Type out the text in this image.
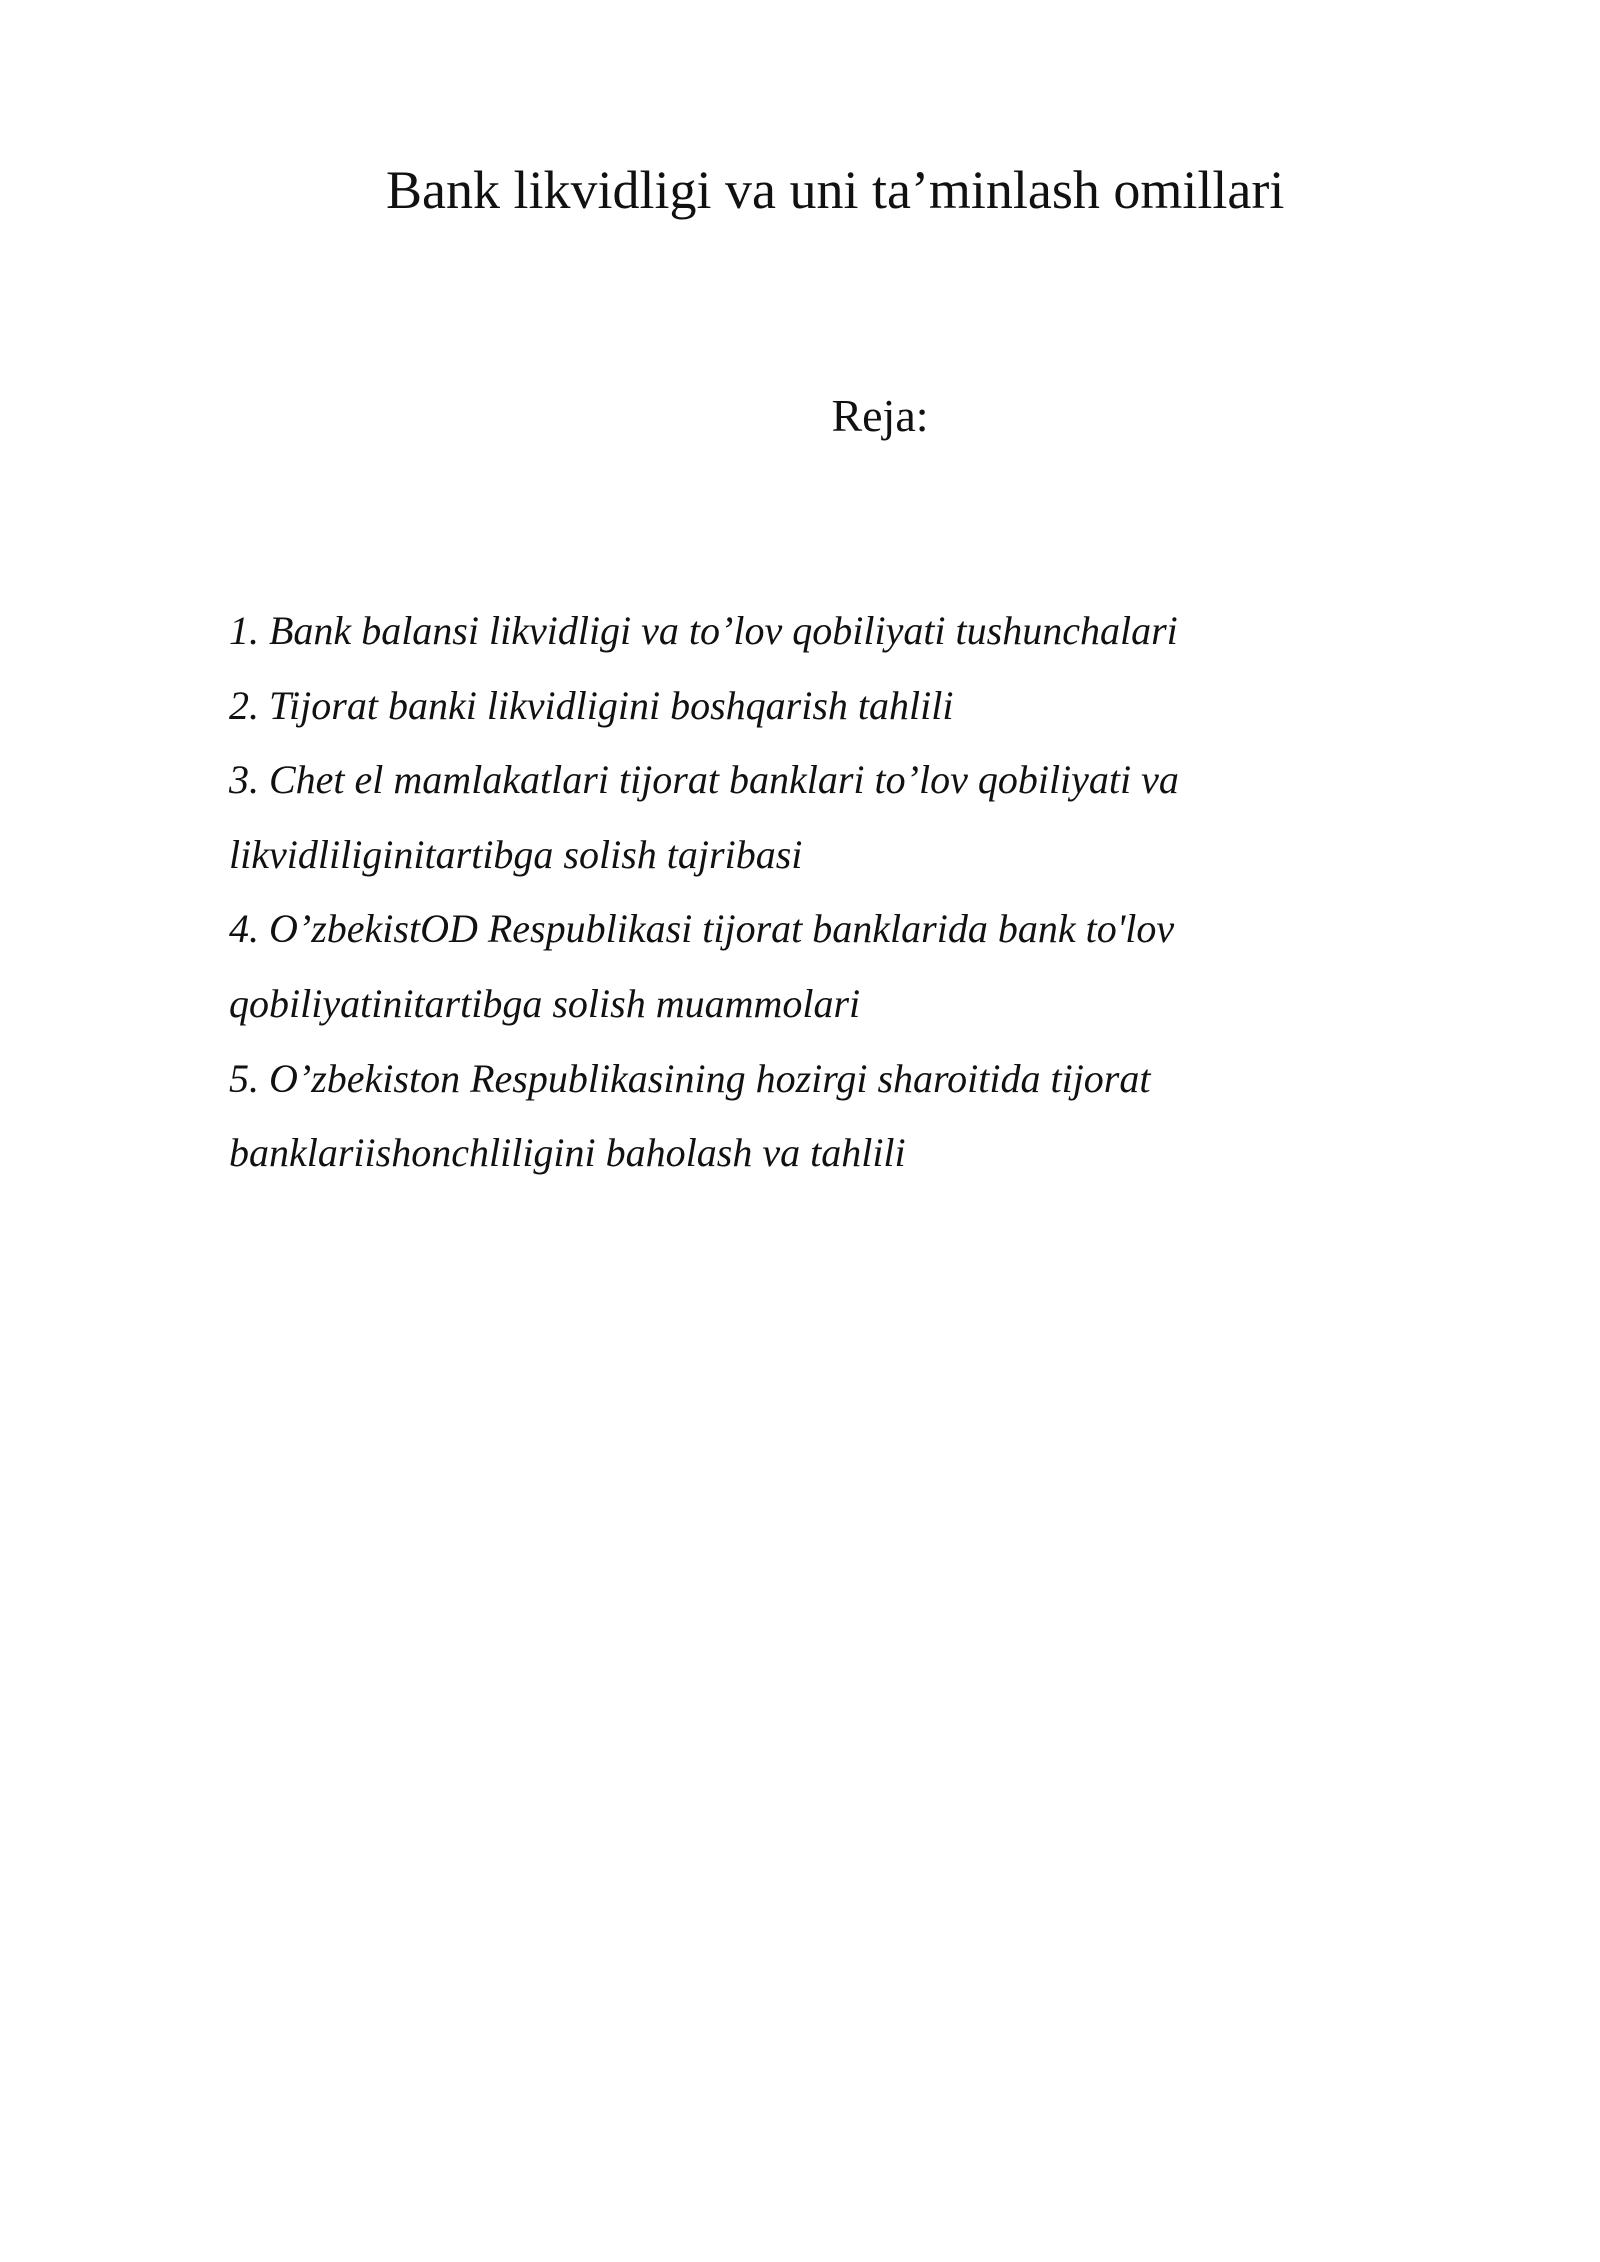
Bank likvidligi va uni ta’minlash omillari
Reja:
1. Bank balansi likvidligi va to’lov qobiliyati tushunchalari
2. Tijorat banki likvidligini boshqarish tahlili
3. Chet el mamlakatlari tijorat banklari to’lov qobiliyati va
likvidliliginitartibga solish tajribasi
4. O’zbekistOD Respublikasi tijorat banklarida bank to'lov
qobiliyatinitartibga solish muammolari
5. O’zbekiston Respublikasining hozirgi sharoitida tijorat
banklariishonchliligini baholash va tahlili
